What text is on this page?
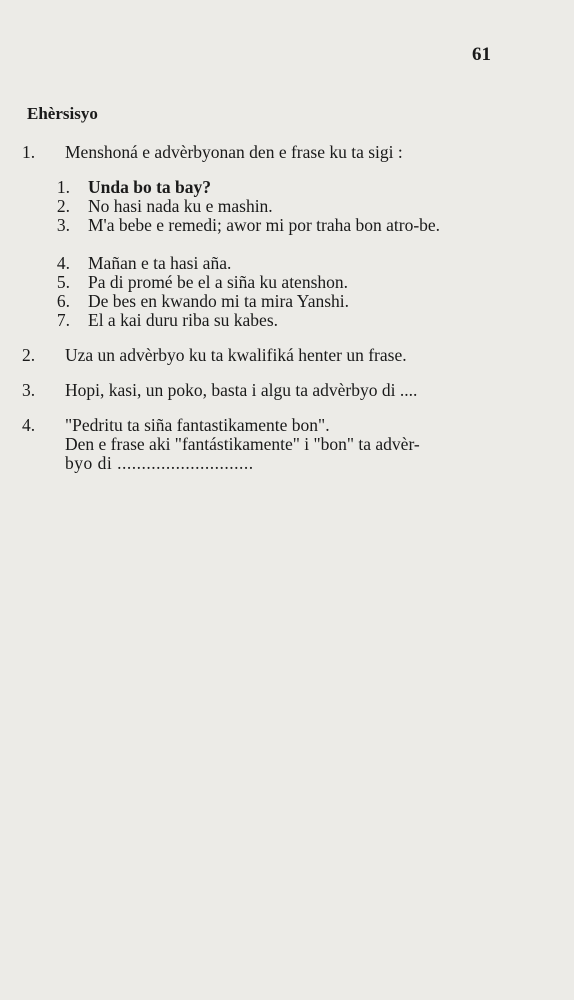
61
Ehèrsisyo
1. Menshoná e advèrbyonan den e frase ku ta sigi :
1. Unda bo ta bay?
2. No hasi nada ku e mashin.
3. M'a bebe e remedi; awor mi por traha bon atro-be.
4. Mañan e ta hasi aña.
5. Pa di promé be el a siña ku atenshon.
6. De bes en kwando mi ta mira Yanshi.
7. El a kai duru riba su kabes.
2. Uza un advèrbyo ku ta kwalifiká henter un frase.
3. Hopi, kasi, un poko, basta i algu ta advèrbyo di ....
4. "Pedritu ta siña fantastikamente bon".
Den e frase aki "fantástikamente" i "bon" ta advèr-
byo di ............................
